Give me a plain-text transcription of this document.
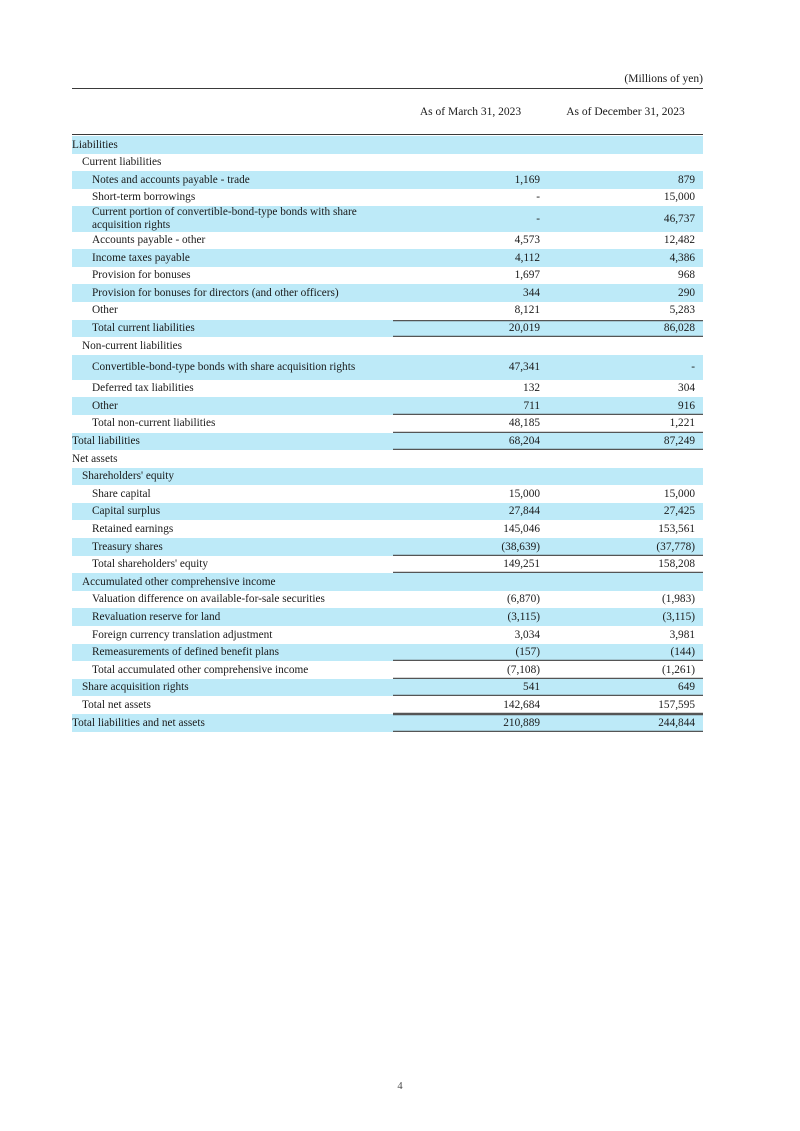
(Millions of yen)
As of March 31, 2023	As of December 31, 2023
Liabilities					

	Current liabilities				

		Notes and accounts payable - trade		1,169	879

		Short-term borrowings		-	15,000

		Current portion of convertible-bond-type bonds with share acquisition rights		-	46,737

		Accounts payable - other		4,573	12,482

		Income taxes payable		4,112	4,386

		Provision for bonuses		1,697	968

		Provision for bonuses for directors (and other officers)		344	290

		Other		8,121	5,283

		Total current liabilities		20,019	86,028

	Non-current liabilities				

		Convertible-bond-type bonds with share acquisition rights		47,341	-

		Deferred tax liabilities		132	304

		Other		711	916

		Total non-current liabilities		48,185	1,221

Total liabilities				68,204	87,249

Net assets					

	Shareholders' equity				

		Share capital		15,000	15,000

		Capital surplus		27,844	27,425

		Retained earnings		145,046	153,561

		Treasury shares		(38,639)	(37,778)

		Total shareholders' equity		149,251	158,208

	Accumulated other comprehensive income				

		Valuation difference on available-for-sale securities		(6,870)	(1,983)

		Revaluation reserve for land		(3,115)	(3,115)

		Foreign currency translation adjustment		3,034	3,981

		Remeasurements of defined benefit plans		(157)	(144)

		Total accumulated other comprehensive income		(7,108)	(1,261)

	Share acquisition rights			541	649

	Total net assets			142,684	157,595

Total liabilities and net assets				210,889	244,844
4
